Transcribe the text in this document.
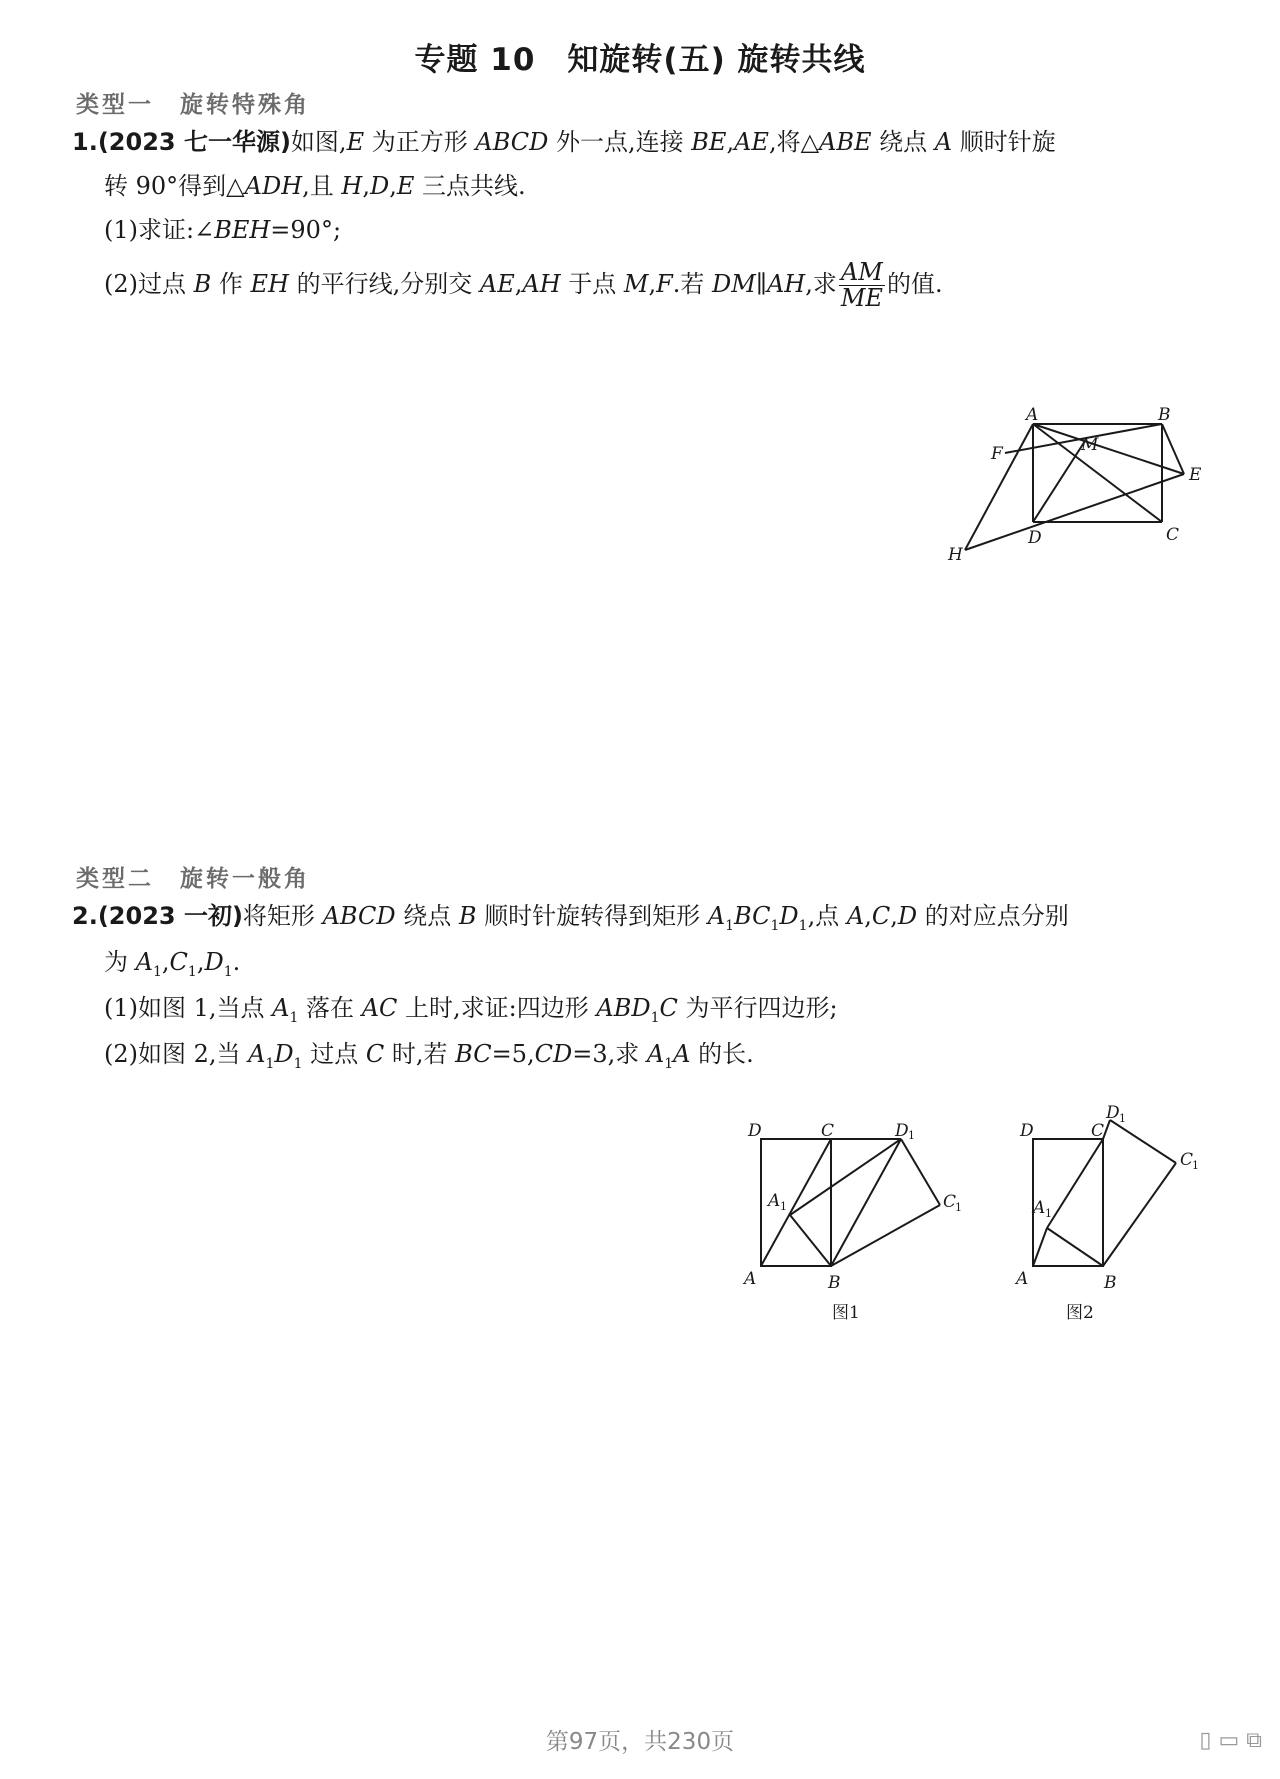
专题 10　知旋转(五) 旋转共线
类型一　旋转特殊角
1.(2023 七一华源)如图,E 为正方形 ABCD 外一点,连接 BE,AE,将△ABE 绕点 A 顺时针旋
转 90°得到△ADH,且 H,D,E 三点共线.
(1)求证:∠BEH=90°;
(2)过点 B 作 EH 的平行线,分别交 AE,AH 于点 M,F.若 DM∥AH,求 $\frac{AM}{ME}$ 的值.
A	B
C
D
E
F
H
M
类型二　旋转一般角
2.(2023 一初)将矩形 ABCD 绕点 B 顺时针旋转得到矩形 $A_1BC_1D_1$,点 A,C,D 的对应点分别
为 $A_1,C_1,D_1$.
(1)如图 1,当点 $A_1$ 落在 AC 上时,求证:四边形 $ABD_1C$ 为平行四边形;
(2)如图 2,当 $A_1D_1$ 过点 C 时,若 BC=5,CD=3,求 $A_1A$ 的长.
D	C	D 1
A 1	C
1
A	B
图1
D	C
D 1
A 1
C
1
A	B
图2
第97页，共230页	▯ ▭ ⧉
